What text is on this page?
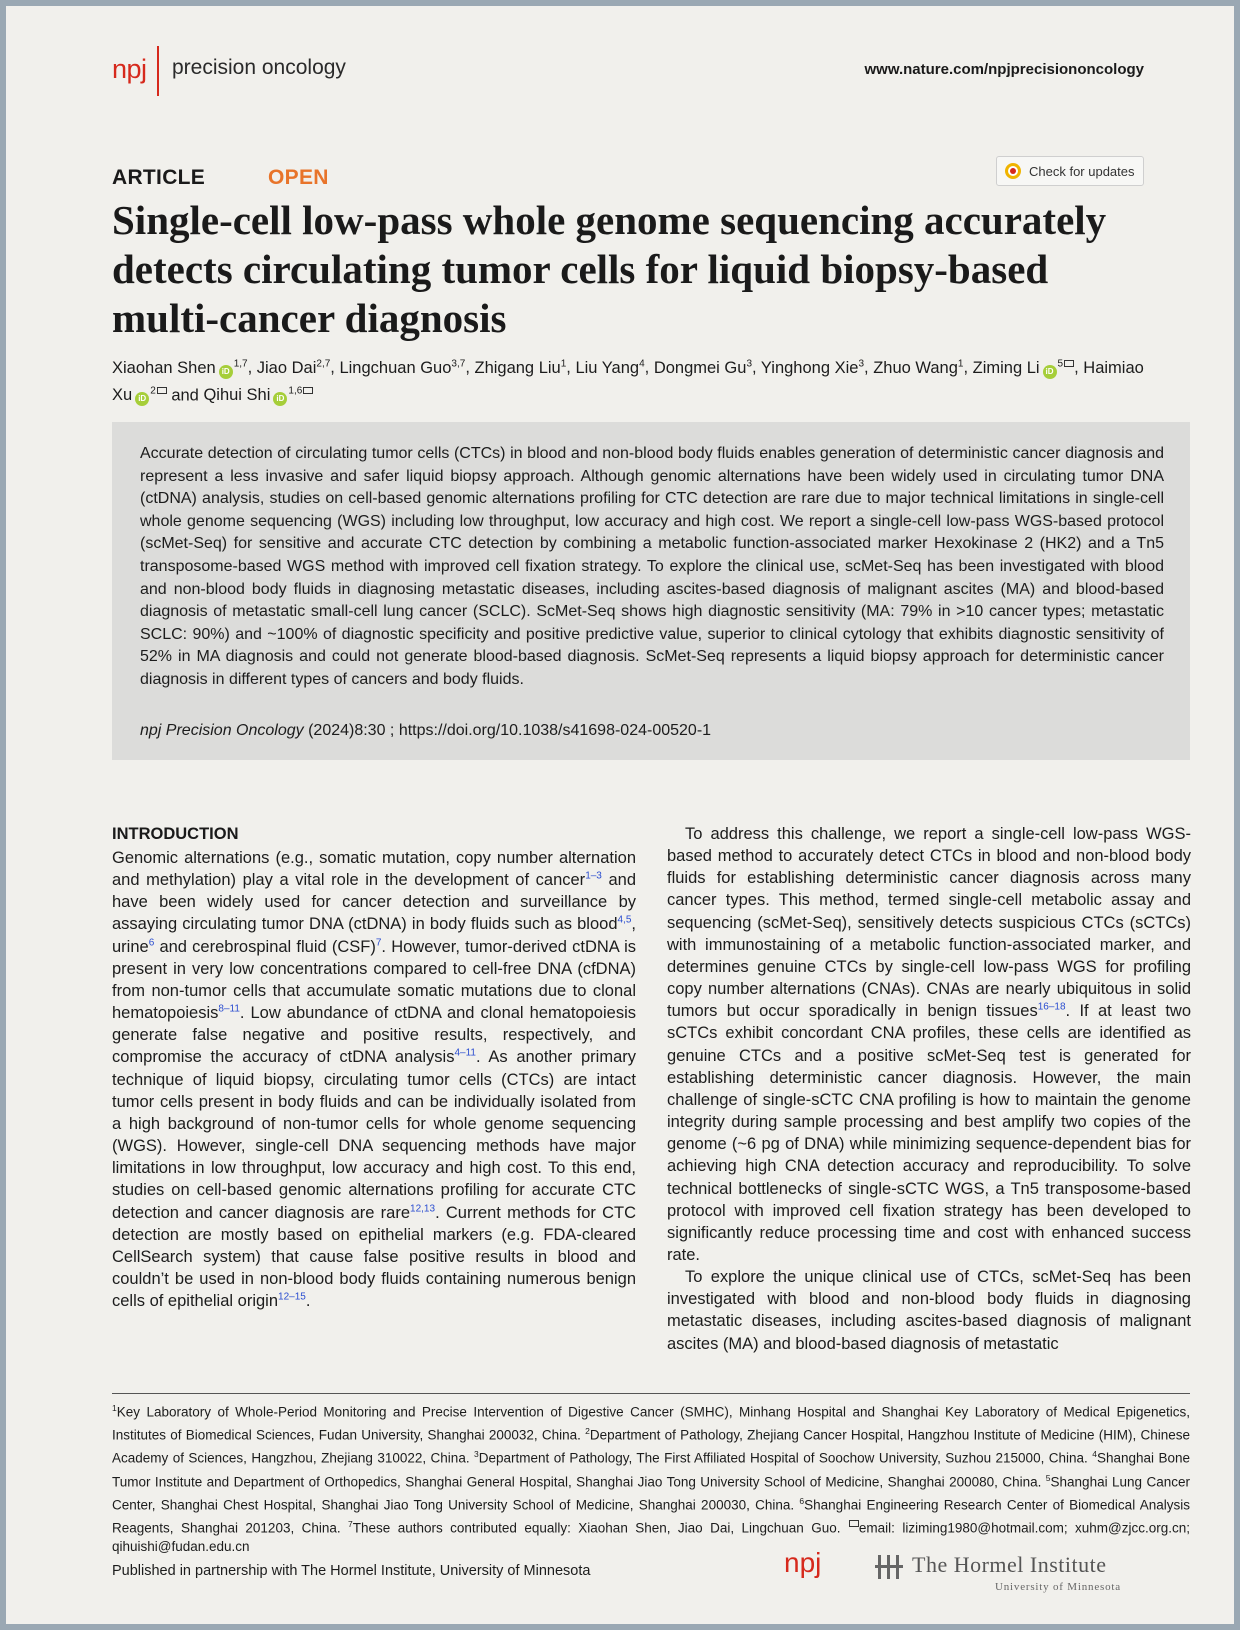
npj precision oncology	www.nature.com/npjprecisiononcology
ARTICLE	OPEN	Check for updates
Single-cell low-pass whole genome sequencing accurately detects circulating tumor cells for liquid biopsy-based multi-cancer diagnosis
Xiaohan Shen iD$^{1,7}$, Jiao Dai$^{2,7}$, Lingchuan Guo$^{3,7}$, Zhigang Liu$^1$, Liu Yang$^4$, Dongmei Gu$^3$, Yinghong Xie$^3$, Zhuo Wang$^1$, Ziming Li $iD^5$ , Haimiao Xu $iD^2$ and Qihui Shi iD$^{1,6}$

Accurate detection of circulating tumor cells (CTCs) in blood and non-blood body fluids enables generation of deterministic cancer diagnosis and represent a less invasive and safer liquid biopsy approach. Although genomic alternations have been widely used in circulating tumor DNA (ctDNA) analysis, studies on cell-based genomic alternations profiling for CTC detection are rare due to major technical limitations in single-cell whole genome sequencing (WGS) including low throughput, low accuracy and high cost. We report a single-cell low-pass WGS-based protocol (scMet-Seq) for sensitive and accurate CTC detection by combining a metabolic function-associated marker Hexokinase 2 (HK2) and a Tn5 transposome-based WGS method with improved cell fixation strategy. To explore the clinical use, scMet-Seq has been investigated with blood and non-blood body fluids in diagnosing metastatic diseases, including ascites-based diagnosis of malignant ascites (MA) and blood-based diagnosis of metastatic small-cell lung cancer (SCLC). ScMet-Seq shows high diagnostic sensitivity (MA: 79% in >10 cancer types; metastatic SCLC: 90%) and ~100% of diagnostic specificity and positive predictive value, superior to clinical cytology that exhibits diagnostic sensitivity of 52% in MA diagnosis and could not generate blood-based diagnosis. ScMet-Seq represents a liquid biopsy approach for deterministic cancer diagnosis in different types of cancers and body fluids.

npj Precision Oncology (2024)8:30 ; https://doi.org/10.1038/s41698-024-00520-1
INTRODUCTION

Genomic alternations (e.g., somatic mutation, copy number alternation and methylation) play a vital role in the development of cancer$^{1-3}$ and have been widely used for cancer detection and surveillance by assaying circulating tumor DNA (ctDNA) in body fluids such as blood$^{4,5}$, urine$^6$ and cerebrospinal fluid (CSF)$^7$. However, tumor-derived ctDNA is present in very low concentrations compared to cell-free DNA (cfDNA) from non-tumor cells that accumulate somatic mutations due to clonal hematopoiesis$^{8-11}$. Low abundance of ctDNA and clonal hematopoiesis generate false negative and positive results, respectively, and compromise the accuracy of ctDNA analysis$^{4-11}$. As another primary technique of liquid biopsy, circulating tumor cells (CTCs) are intact tumor cells present in body fluids and can be individually isolated from a high background of non-tumor cells for whole genome sequencing (WGS). However, single-cell DNA sequencing methods have major limitations in low throughput, low accuracy and high cost. To this end, studies on cell-based genomic alternations profiling for accurate CTC detection and cancer diagnosis are rare$^{12,13}$. Current methods for CTC detection are mostly based on epithelial markers (e.g. FDA-cleared CellSearch system) that cause false positive results in blood and couldn’t be used in non-blood body fluids containing numerous benign cells of epithelial origin$^{12-15}$.

To address this challenge, we report a single-cell low-pass WGS-based method to accurately detect CTCs in blood and non-blood body fluids for establishing deterministic cancer diagnosis across many cancer types. This method, termed single-cell metabolic assay and sequencing (scMet-Seq), sensitively detects suspicious CTCs (sCTCs) with immunostaining of a metabolic function-associated marker, and determines genuine CTCs by single-cell low-pass WGS for profiling copy number alternations (CNAs). CNAs are nearly ubiquitous in solid tumors but occur sporadically in benign tissues$^{16-18}$. If at least two sCTCs exhibit concordant CNA profiles, these cells are identified as genuine CTCs and a positive scMet-Seq test is generated for establishing deterministic cancer diagnosis. However, the main challenge of single-sCTC CNA profiling is how to maintain the genome integrity during sample processing and best amplify two copies of the genome (~6 pg of DNA) while minimizing sequence-dependent bias for achieving high CNA detection accuracy and reproducibility. To solve technical bottlenecks of single-sCTC WGS, a Tn5 transposome-based protocol with improved cell fixation strategy has been developed to significantly reduce processing time and cost with enhanced success rate.

To explore the unique clinical use of CTCs, scMet-Seq has been investigated with blood and non-blood body fluids in diagnosing metastatic diseases, including ascites-based diagnosis of malignant ascites (MA) and blood-based diagnosis of metastatic

$^1$Key Laboratory of Whole-Period Monitoring and Precise Intervention of Digestive Cancer (SMHC), Minhang Hospital and Shanghai Key Laboratory of Medical Epigenetics, Institutes of Biomedical Sciences, Fudan University, Shanghai 200032, China. $^2$Department of Pathology, Zhejiang Cancer Hospital, Hangzhou Institute of Medicine (HIM), Chinese Academy of Sciences, Hangzhou, Zhejiang 310022, China. $^3$Department of Pathology, The First Affiliated Hospital of Soochow University, Suzhou 215000, China. $^4$Shanghai Bone Tumor Institute and Department of Orthopedics, Shanghai General Hospital, Shanghai Jiao Tong University School of Medicine, Shanghai 200080, China. $^5$Shanghai Lung Cancer Center, Shanghai Chest Hospital, Shanghai Jiao Tong University School of Medicine, Shanghai 200030, China. $^6$Shanghai Engineering Research Center of Biomedical Analysis Reagents, Shanghai 201203, China. $^7$These authors contributed equally: Xiaohan Shen, Jiao Dai, Lingchuan Guo. email: liziming1980@hotmail.com; xuhm@zjcc.org.cn; qihuishi@fudan.edu.cn
Published in partnership with The Hormel Institute, University of Minnesota	npj	The Hormel Institute
University of Minnesota
